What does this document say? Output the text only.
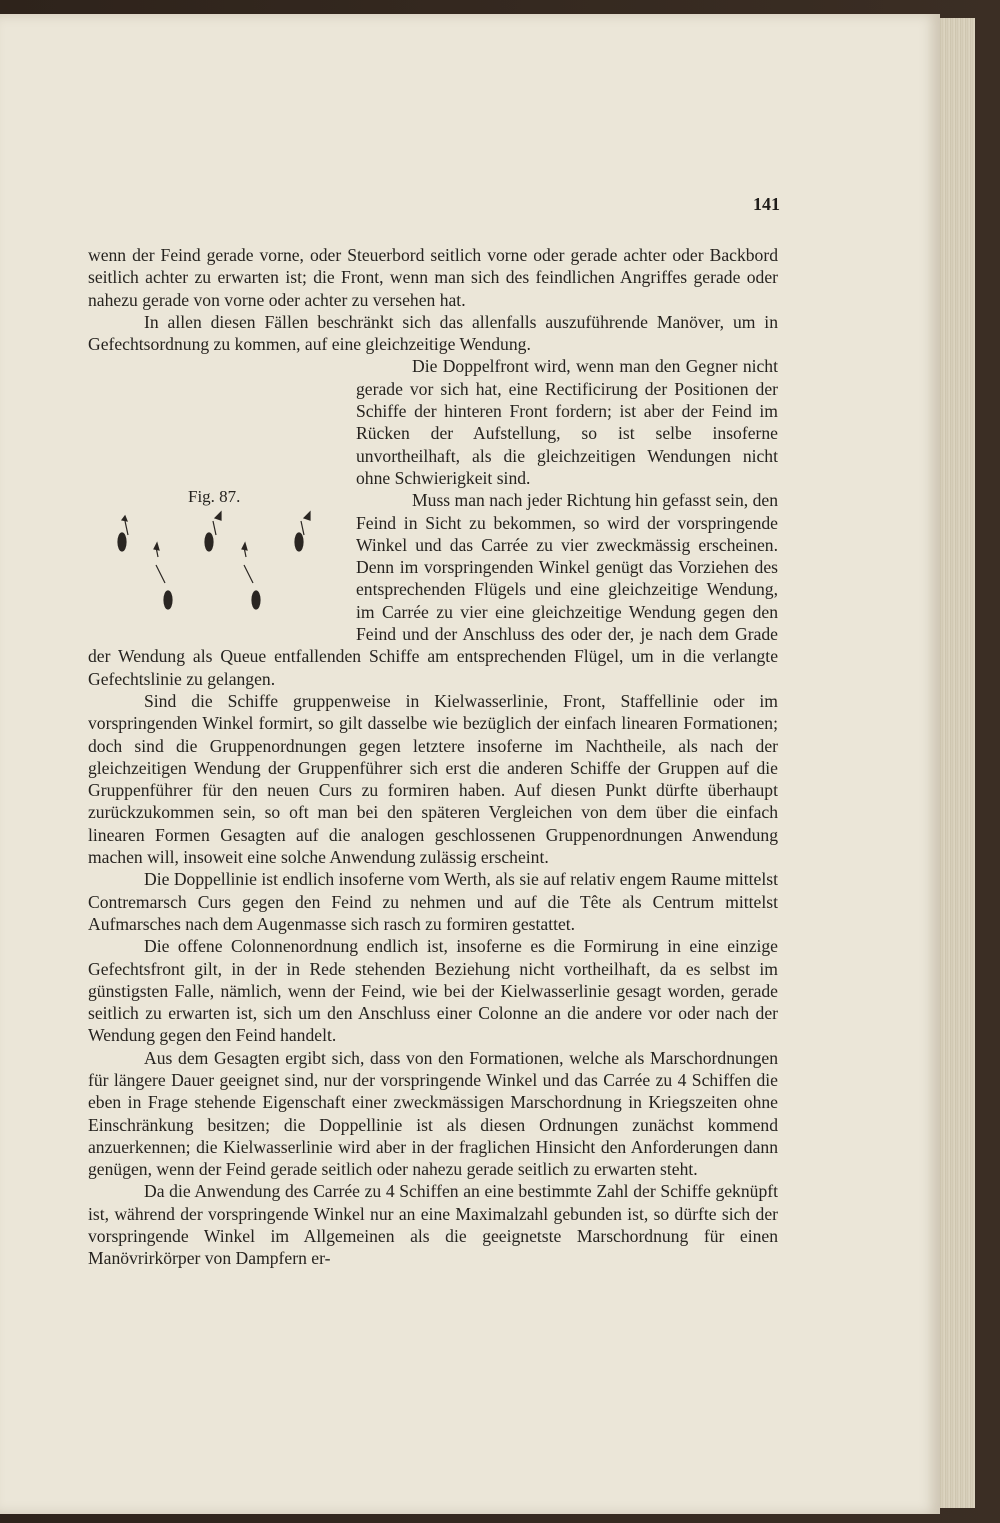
141

wenn der Feind gerade vorne, oder Steuerbord seitlich vorne oder gerade achter oder Backbord seitlich achter zu erwarten ist; die Front, wenn man sich des feindlichen Angriffes gerade oder nahezu gerade von vorne oder achter zu versehen hat.

In allen diesen Fällen beschränkt sich das allenfalls auszuführende Manöver, um in Gefechtsordnung zu kommen, auf eine gleichzeitige Wendung.

Fig. 87.

Die Doppelfront wird, wenn man den Gegner nicht gerade vor sich hat, eine Rectificirung der Positionen der Schiffe der hinteren Front fordern; ist aber der Feind im Rücken der Aufstellung, so ist selbe insoferne unvortheilhaft, als die gleichzeitigen Wendungen nicht ohne Schwierigkeit sind.

Muss man nach jeder Richtung hin gefasst sein, den Feind in Sicht zu bekommen, so wird der vorspringende Winkel und das Carrée zu vier zweckmässig erscheinen. Denn im vorspringenden Winkel genügt das Vorziehen des entsprechenden Flügels und eine gleichzeitige Wendung, im Carrée zu vier eine gleichzeitige Wendung gegen den Feind und der Anschluss des oder der, je nach dem Grade der Wendung als Queue entfallenden Schiffe am entsprechenden Flügel, um in die verlangte Gefechtslinie zu gelangen.

Sind die Schiffe gruppenweise in Kielwasserlinie, Front, Staffellinie oder im vorspringenden Winkel formirt, so gilt dasselbe wie bezüglich der einfach linearen Formationen; doch sind die Gruppenordnungen gegen letztere insoferne im Nachtheile, als nach der gleichzeitigen Wendung der Gruppenführer sich erst die anderen Schiffe der Gruppen auf die Gruppenführer für den neuen Curs zu formiren haben. Auf diesen Punkt dürfte überhaupt zurückzukommen sein, so oft man bei den späteren Vergleichen von dem über die einfach linearen Formen Gesagten auf die analogen geschlossenen Gruppenordnungen Anwendung machen will, insoweit eine solche Anwendung zulässig erscheint.

Die Doppellinie ist endlich insoferne vom Werth, als sie auf relativ engem Raume mittelst Contremarsch Curs gegen den Feind zu nehmen und auf die Tête als Centrum mittelst Aufmarsches nach dem Augenmasse sich rasch zu formiren gestattet.

Die offene Colonnenordnung endlich ist, insoferne es die Formirung in eine einzige Gefechtsfront gilt, in der in Rede stehenden Beziehung nicht vortheilhaft, da es selbst im günstigsten Falle, nämlich, wenn der Feind, wie bei der Kielwasserlinie gesagt worden, gerade seitlich zu erwarten ist, sich um den Anschluss einer Colonne an die andere vor oder nach der Wendung gegen den Feind handelt.

Aus dem Gesagten ergibt sich, dass von den Formationen, welche als Marschordnungen für längere Dauer geeignet sind, nur der vorspringende Winkel und das Carrée zu 4 Schiffen die eben in Frage stehende Eigenschaft einer zweckmässigen Marschordnung in Kriegszeiten ohne Einschränkung besitzen; die Doppellinie ist als diesen Ordnungen zunächst kommend anzuerkennen; die Kielwasserlinie wird aber in der fraglichen Hinsicht den Anforderungen dann genügen, wenn der Feind gerade seitlich oder nahezu gerade seitlich zu erwarten steht.

Da die Anwendung des Carrée zu 4 Schiffen an eine bestimmte Zahl der Schiffe geknüpft ist, während der vorspringende Winkel nur an eine Maximalzahl gebunden ist, so dürfte sich der vorspringende Winkel im Allgemeinen als die geeignetste Marschordnung für einen Manövrirkörper von Dampfern er-
